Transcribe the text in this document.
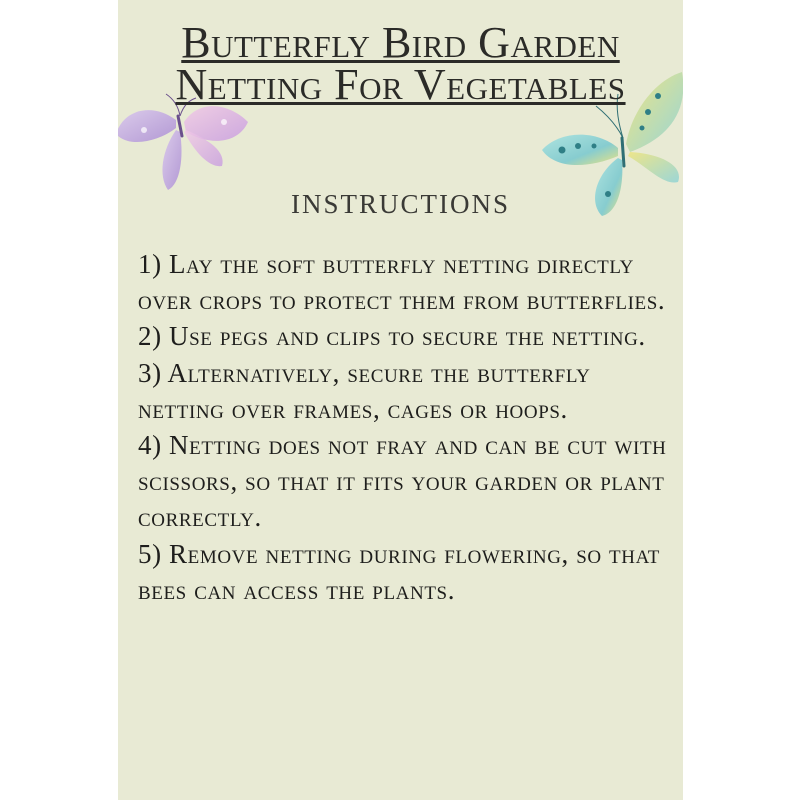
Butterfly Bird Garden Netting For Vegetables
instructions
1) Lay the soft butterfly netting directly over crops to protect them from butterflies.
2) Use pegs and clips to secure the netting.
3) Alternatively, secure the butterfly netting over frames, cages or hoops.
4) Netting does not fray and can be cut with scissors, so that it fits your garden or plant correctly.
5) Remove netting during flowering, so that bees can access the plants.
